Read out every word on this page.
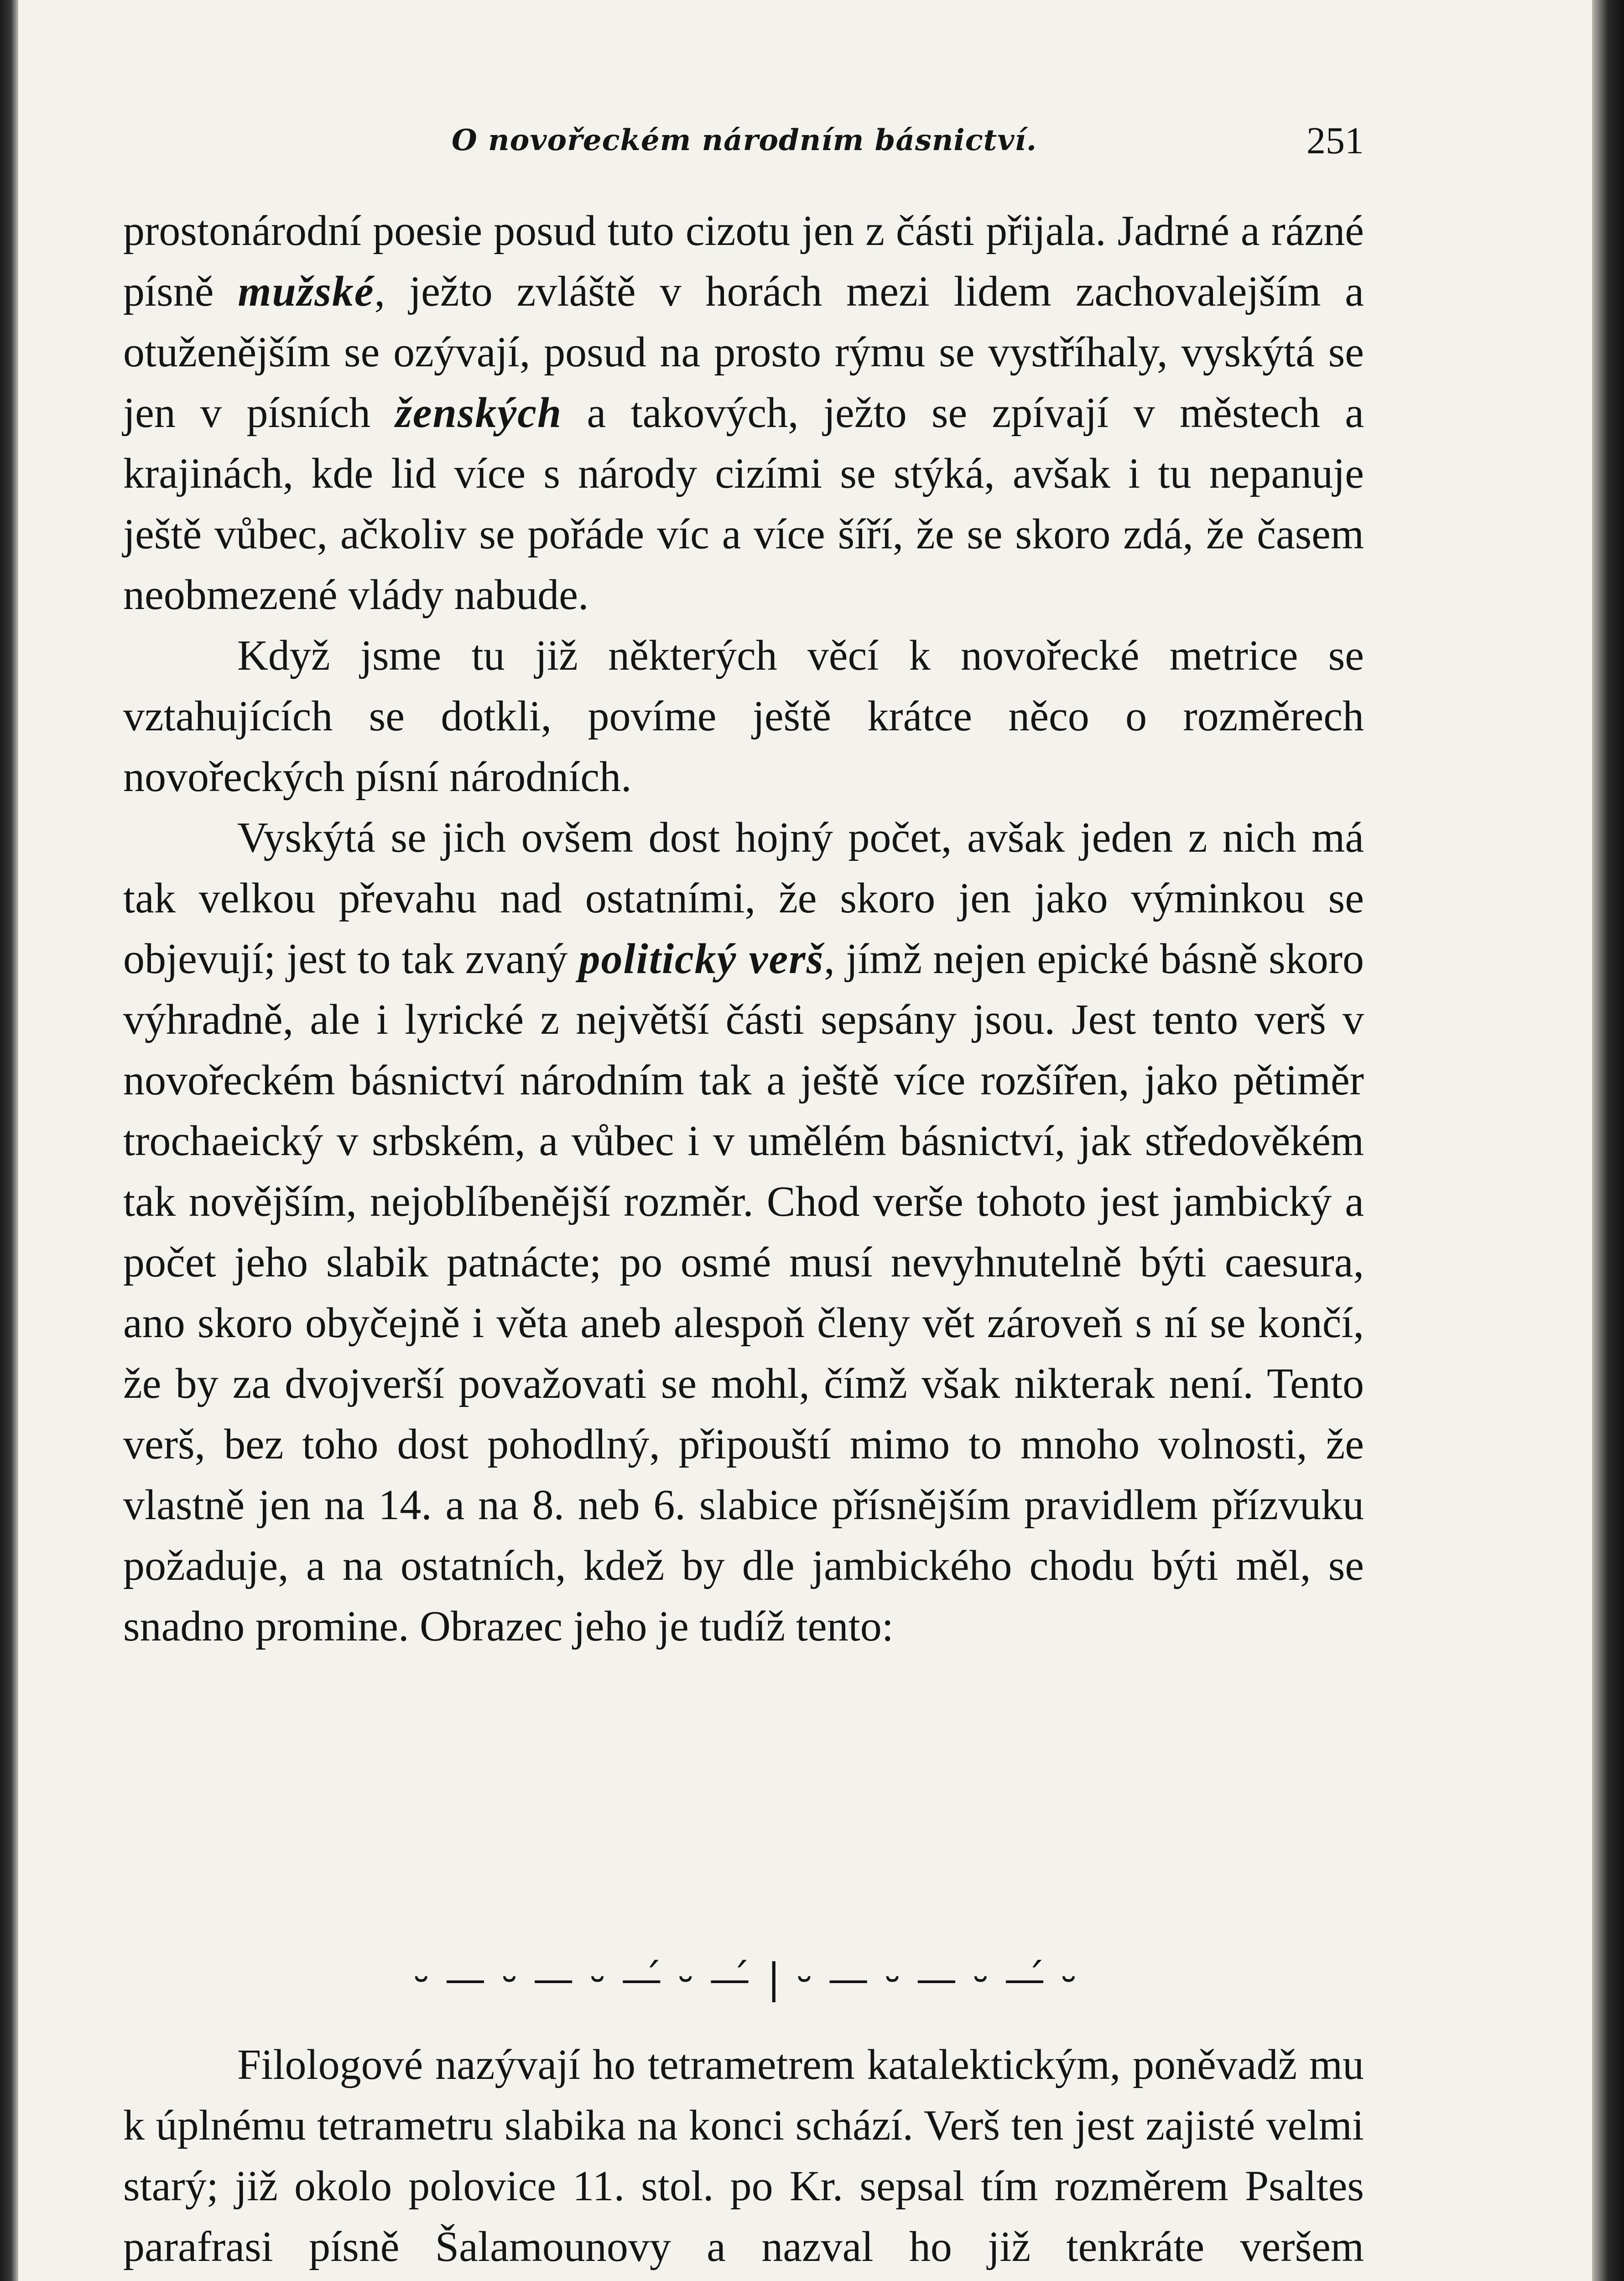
O novořeckém národním básnictví.	251

prostonárodní poesie posud tuto cizotu jen z části přijala. Jadrné a rázné písně mužské, ježto zvláště v horách mezi lidem zachovalejším a otuženějším se ozývají, posud na prosto rýmu se vystříhaly, vyskýtá se jen v písních ženských a takových, ježto se zpívají v městech a krajinách, kde lid více s národy cizími se stýká, avšak i tu nepanuje ještě vůbec, ačkoliv se pořáde víc a více šíří, že se skoro zdá, že časem neobmezené vlády nabude.

Když jsme tu již některých věcí k novořecké metrice se vztahujících se dotkli, povíme ještě krátce něco o rozměrech novořeckých písní národních.

Vyskýtá se jich ovšem dost hojný počet, avšak jeden z nich má tak velkou převahu nad ostatními, že skoro jen jako výminkou se objevují; jest to tak zvaný politický verš, jímž nejen epické básně skoro výhradně, ale i lyrické z největší části sepsány jsou. Jest tento verš v novořeckém básnictví národním tak a ještě více rozšířen, jako pětiměr trochaeický v srbském, a vůbec i v umělém básnictví, jak středověkém tak novějším, nejoblíbenější rozměr. Chod verše tohoto jest jambický a počet jeho slabik patnácte; po osmé musí nevyhnutelně býti caesura, ano skoro obyčejně i věta aneb alespoň členy vět zároveň s ní se končí, že by za dvojverší považovati se mohl, čímž však nikterak není. Tento verš, bez toho dost pohodlný, připouští mimo to mnoho volnosti, že vlastně jen na 14. a na 8. neb 6. slabice přísnějším pravidlem přízvuku požaduje, a na ostatních, kdež by dle jambického chodu býti měl, se snadno promine. Obrazec jeho je tudíž tento:

⏑ — ⏑ — ⏑ —́ ⏑ —́ | ⏑ — ⏑ — ⏑ —́ ⏑

Filologové nazývají ho tetrametrem katalektickým, poněvadž mu k úplnému tetrametru slabika na konci schází. Verš ten jest zajisté velmi starý; již okolo polovice 11. stol. po Kr. sepsal tím rozměrem Psaltes parafrasi písně Šalamounovy a nazval ho již tenkráte veršem
